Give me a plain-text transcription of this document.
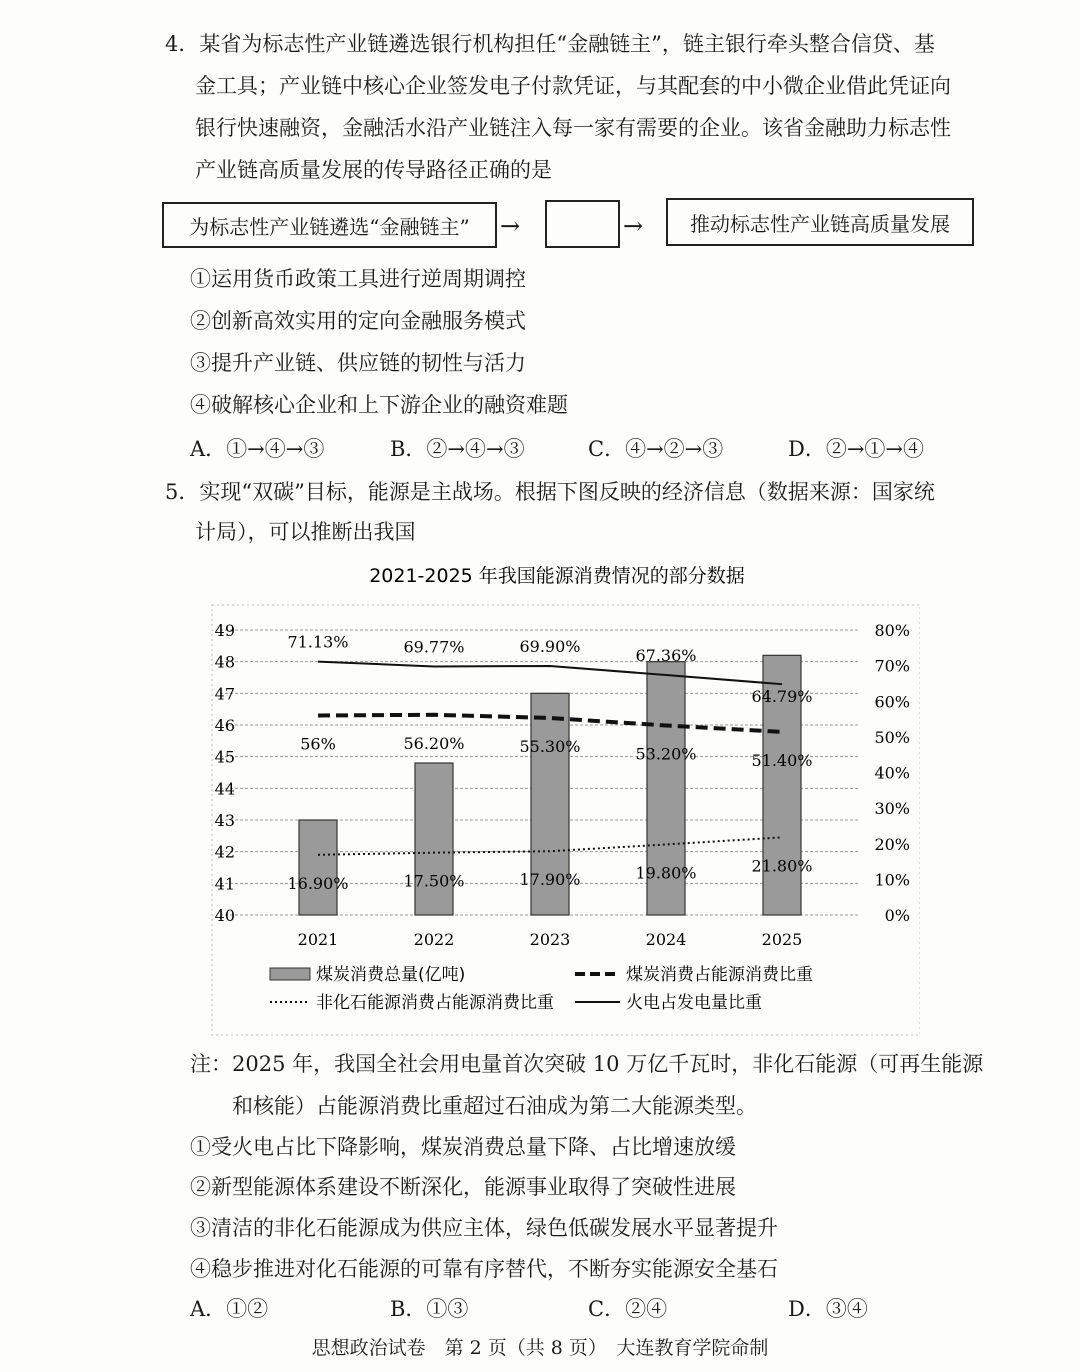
4．某省为标志性产业链遴选银行机构担任“金融链主”，链主银行牵头整合信贷、基
金工具；产业链中核心企业签发电子付款凭证，与其配套的中小微企业借此凭证向
银行快速融资，金融活水沿产业链注入每一家有需要的企业。该省金融助力标志性
产业链高质量发展的传导路径正确的是
为标志性产业链遴选“金融链主”	→	→	推动标志性产业链高质量发展
①运用货币政策工具进行逆周期调控
②创新高效实用的定向金融服务模式
③提升产业链、供应链的韧性与活力
④破解核心企业和上下游企业的融资难题
A．①→④→③	B．②→④→③	C．④→②→③	D．②→①→④
5．实现“双碳”目标，能源是主战场。根据下图反映的经济信息（数据来源：国家统
计局），可以推断出我国
2021-2025 年我国能源消费情况的部分数据
71.13%	69.77%	69.90%	67.36%
64.79%
56%	56.20%	55.30%	53.20%	51.40%
16.90%	17.50%	17.90%	19.80%	21.80%
40
41
42
43
44
45
46
47
48
49
0%
10%
20%
30%
40%
50%
60%
70%
80%
2021	2022	2023	2024	2025
煤炭消费总量(亿吨)	煤炭消费占能源消费比重
非化石能源消费占能源消费比重	火电占发电量比重
注：2025 年，我国全社会用电量首次突破 10 万亿千瓦时，非化石能源（可再生能源
和核能）占能源消费比重超过石油成为第二大能源类型。
①受火电占比下降影响，煤炭消费总量下降、占比增速放缓
②新型能源体系建设不断深化，能源事业取得了突破性进展
③清洁的非化石能源成为供应主体，绿色低碳发展水平显著提升
④稳步推进对化石能源的可靠有序替代，不断夯实能源安全基石
A．①②	B．①③	C．②④	D．③④
思想政治试卷　第 2 页（共 8 页）　大连教育学院命制
